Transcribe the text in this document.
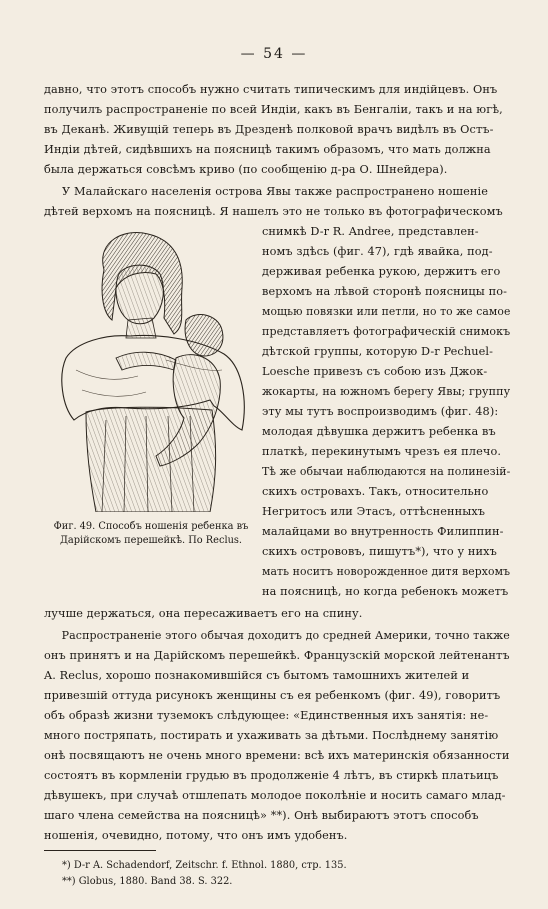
— 54 —
давно, что этотъ способъ нужно считать типическимъ для индійцевъ. Онъ
получилъ распространеніе по всей Индіи, какъ въ Бенгаліи, такъ и на югѣ,
въ Деканѣ. Живущій теперь въ Дрезденѣ полковой врачъ видѣлъ въ Остъ-
Индіи дѣтей, сидѣвшихъ на поясницѣ такимъ образомъ, что мать должна
была держаться совсѣмъ криво (по сообщенію д-ра О. Шнейдера).
У Малайскаго населенія острова Явы также распространено ношеніе
дѣтей верхомъ на поясницѣ. Я нашелъ это не только въ фотографическомъ
снимкѣ D-r R. Andree, представлен-
номъ здѣсь (фиг. 47), гдѣ явайка, под-
держивая ребенка рукою, держитъ его
верхомъ на лѣвой сторонѣ поясницы по-
мощью повязки или петли, но то же самое
представляетъ фотографическій снимокъ
дѣтской группы, которую D-r Pechuel-
Loesche привезъ съ собою изъ Джок-
жокарты, на южномъ берегу Явы; группу
эту мы тутъ воспроизводимъ (фиг. 48):
молодая дѣвушка держитъ ребенка въ
платкѣ, перекинутымъ чрезъ ея плечо.
Тѣ же обычаи наблюдаются на полинезій-
скихъ островахъ. Такъ, относительно
Негритосъ или Этасъ, оттѣсненныхъ
малайцами во внутренность Филиппин-
скихъ острововъ, пишутъ*), что у нихъ
мать носитъ новорожденное дитя верхомъ
на поясницѣ, но когда ребенокъ можетъ
Фиг. 49. Способъ ношенія ребенка въ
Дарійскомъ перешейкѣ. По Reclus.
лучше держаться, она пересаживаетъ его на спину.
Распространеніе этого обычая доходитъ до средней Америки, точно также
онъ принятъ и на Дарійскомъ перешейкѣ. Французскій морской лейтенантъ
A. Reclus, хорошо познакомившійся съ бытомъ тамошнихъ жителей и
привезшій оттуда рисунокъ женщины съ ея ребенкомъ (фиг. 49), говоритъ
объ образѣ жизни туземокъ слѣдующее: «Единственныя ихъ занятія: не-
много постряпать, постирать и ухаживать за дѣтьми. Послѣднему занятію
онѣ посвящаютъ не очень много времени: всѣ ихъ материнскія обязанности
состоятъ въ кормленіи грудью въ продолженіе 4 лѣтъ, въ стиркѣ платьицъ
дѣвушекъ, при случаѣ отшлепать молодое поколѣніе и носить самаго млад-
шаго члена семейства на поясницѣ» **). Онѣ выбираютъ этотъ способъ
ношенія, очевидно, потому, что онъ имъ удобенъ.
*) D-r A. Schadendorf, Zeitschr. f. Ethnol. 1880, стр. 135.
**) Globus, 1880. Band 38. S. 322.
